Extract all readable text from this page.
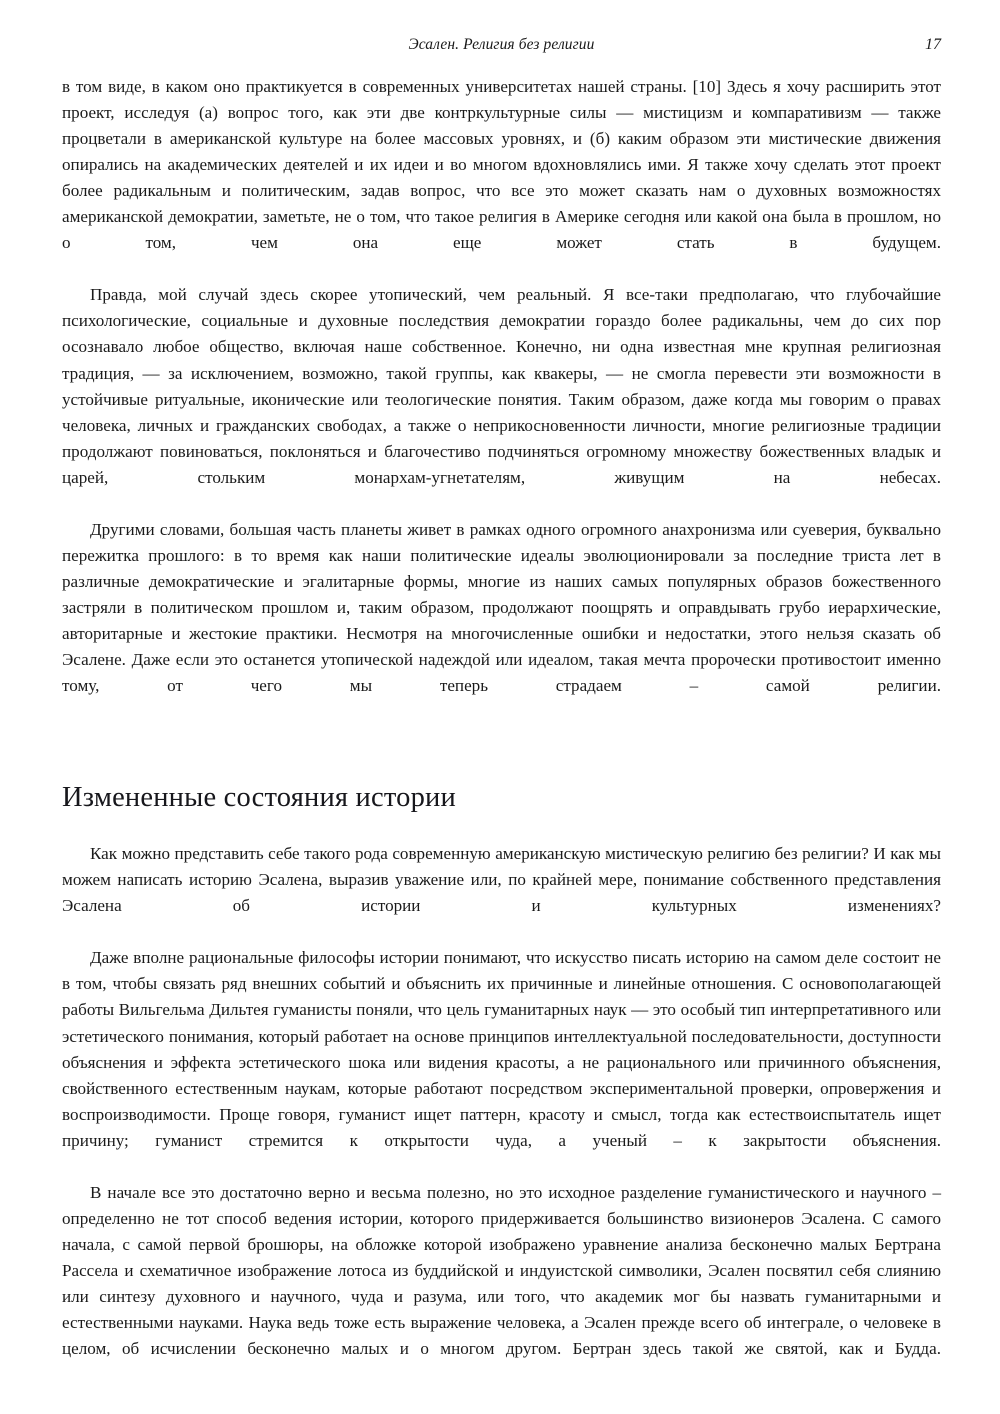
Эсален. Религия без религии	17

в том виде, в каком оно практикуется в современных университетах нашей страны. [10] Здесь я хочу расширить этот проект, исследуя (а) вопрос того, как эти две контркультурные силы — мистицизм и компаративизм — также процветали в американской культуре на более массовых уровнях, и (б) каким образом эти мистические движения опирались на академических деятелей и их идеи и во многом вдохновлялись ими. Я также хочу сделать этот проект более радикальным и политическим, задав вопрос, что все это может сказать нам о духовных возможностях американской демократии, заметьте, не о том, что такое религия в Америке сегодня или какой она была в прошлом, но о том, чем она еще может стать в будущем.

Правда, мой случай здесь скорее утопический, чем реальный. Я все-таки предполагаю, что глубочайшие психологические, социальные и духовные последствия демократии гораздо более радикальны, чем до сих пор осознавало любое общество, включая наше собственное. Конечно, ни одна известная мне крупная религиозная традиция, — за исключением, возможно, такой группы, как квакеры, — не смогла перевести эти возможности в устойчивые ритуальные, иконические или теологические понятия. Таким образом, даже когда мы говорим о правах человека, личных и гражданских свободах, а также о неприкосновенности личности, многие религиозные традиции продолжают повиноваться, поклоняться и благочестиво подчиняться огромному множеству божественных владык и царей, стольким монархам-угнетателям, живущим на небесах.

Другими словами, большая часть планеты живет в рамках одного огромного анахронизма или суеверия, буквально пережитка прошлого: в то время как наши политические идеалы эволюционировали за последние триста лет в различные демократические и эгалитарные формы, многие из наших самых популярных образов божественного застряли в политическом прошлом и, таким образом, продолжают поощрять и оправдывать грубо иерархические, авторитарные и жестокие практики. Несмотря на многочисленные ошибки и недостатки, этого нельзя сказать об Эсалене. Даже если это останется утопической надеждой или идеалом, такая мечта пророчески противостоит именно тому, от чего мы теперь страдаем – самой религии.

Измененные состояния истории

Как можно представить себе такого рода современную американскую мистическую религию без религии? И как мы можем написать историю Эсалена, выразив уважение или, по крайней мере, понимание собственного представления Эсалена об истории и культурных изменениях?

Даже вполне рациональные философы истории понимают, что искусство писать историю на самом деле состоит не в том, чтобы связать ряд внешних событий и объяснить их причинные и линейные отношения. С основополагающей работы Вильгельма Дильтея гуманисты поняли, что цель гуманитарных наук — это особый тип интерпретативного или эстетического понимания, который работает на основе принципов интеллектуальной последовательности, доступности объяснения и эффекта эстетического шока или видения красоты, а не рационального или причинного объяснения, свойственного естественным наукам, которые работают посредством экспериментальной проверки, опровержения и воспроизводимости. Проще говоря, гуманист ищет паттерн, красоту и смысл, тогда как естествоиспытатель ищет причину; гуманист стремится к открытости чуда, а ученый – к закрытости объяснения.

В начале все это достаточно верно и весьма полезно, но это исходное разделение гуманистического и научного – определенно не тот способ ведения истории, которого придерживается большинство визионеров Эсалена. С самого начала, с самой первой брошюры, на обложке которой изображено уравнение анализа бесконечно малых Бертрана Рассела и схематичное изображение лотоса из буддийской и индуистской символики, Эсален посвятил себя слиянию или синтезу духовного и научного, чуда и разума, или того, что академик мог бы назвать гуманитарными и естественными науками. Наука ведь тоже есть выражение человека, а Эсален прежде всего об интеграле, о человеке в целом, об исчислении бесконечно малых и о многом другом. Бертран здесь такой же святой, как и Будда.
